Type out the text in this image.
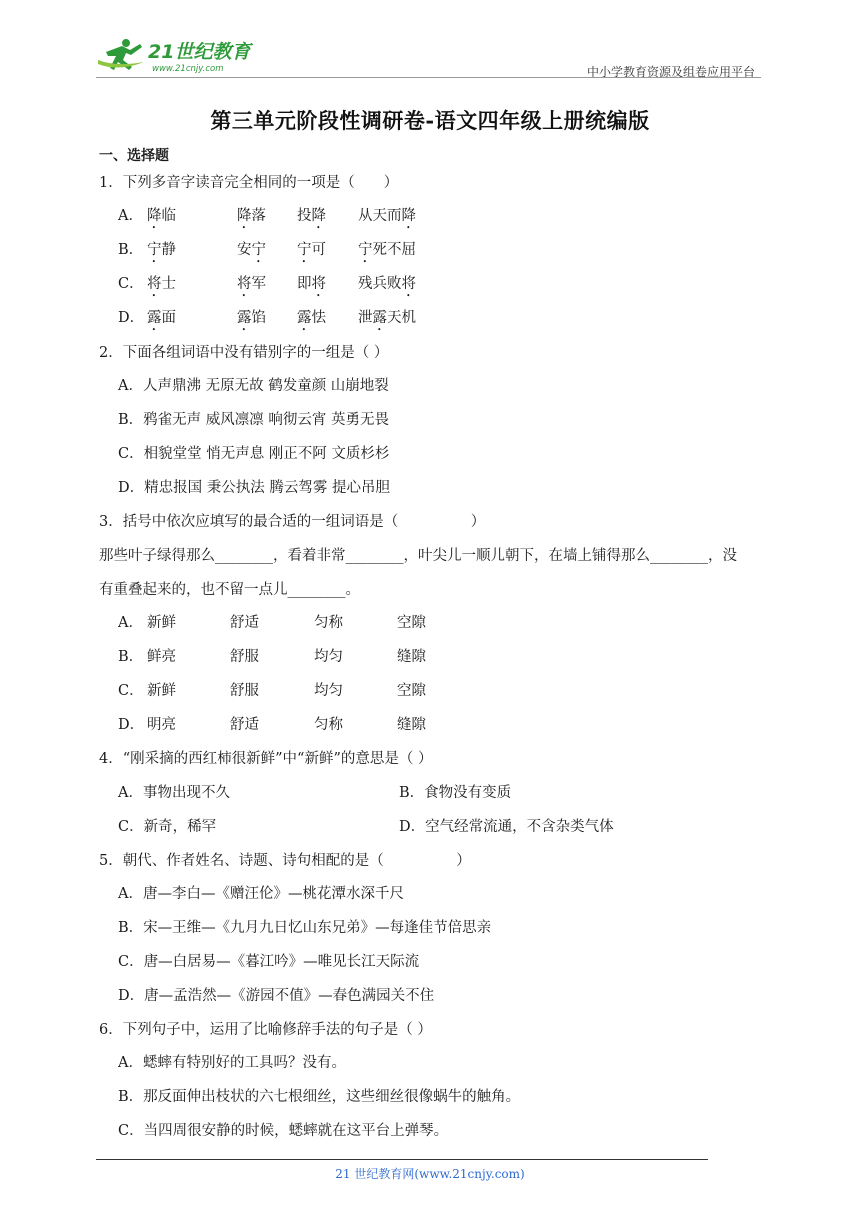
21世纪教育
www.21cnjy.com	中小学教育资源及组卷应用平台
第三单元阶段性调研卷-语文四年级上册统编版
一、选择题
1．下列多音字读音完全相同的一项是（　　）
A． 降临	降落 投降 从天而降
B． 宁静	安宁 宁可 宁死不屈
C． 将士	将军 即将 残兵败将
D． 露面	露馅 露怯 泄露天机
2．下面各组词语中没有错别字的一组是（ ）
A．人声鼎沸 无原无故 鹤发童颜 山崩地裂
B．鸦雀无声 威风凛凛 响彻云宵 英勇无畏
C．相貌堂堂 悄无声息 刚正不阿 文质杉杉
D．精忠报国 秉公执法 腾云驾雾 提心吊胆
3．括号中依次应填写的最合适的一组词语是（　　　　　）
那些叶子绿得那么________，看着非常________，叶尖儿一顺儿朝下，在墙上铺得那么________，没
有重叠起来的，也不留一点儿________。
A． 新鲜	舒适	匀称	空隙
B． 鲜亮	舒服	均匀	缝隙
C． 新鲜	舒服	均匀	空隙
D． 明亮	舒适	匀称	缝隙
4．“刚采摘的西红柿很新鲜”中“新鲜”的意思是（ ）
A．事物出现不久	B．食物没有变质
C．新奇，稀罕	D．空气经常流通，不含杂类气体
5．朝代、作者姓名、诗题、诗句相配的是（　　　　　）
A．唐—李白—《赠汪伦》—桃花潭水深千尺
B．宋—王维—《九月九日忆山东兄弟》—每逢佳节倍思亲
C．唐—白居易—《暮江吟》—唯见长江天际流
D．唐—孟浩然—《游园不值》—春色满园关不住
6．下列句子中，运用了比喻修辞手法的句子是（ ）
A．蟋蟀有特别好的工具吗？没有。
B．那反面伸出枝状的六七根细丝，这些细丝很像蜗牛的触角。
C．当四周很安静的时候，蟋蟀就在这平台上弹琴。
21 世纪教育网(www.21cnjy.com)
